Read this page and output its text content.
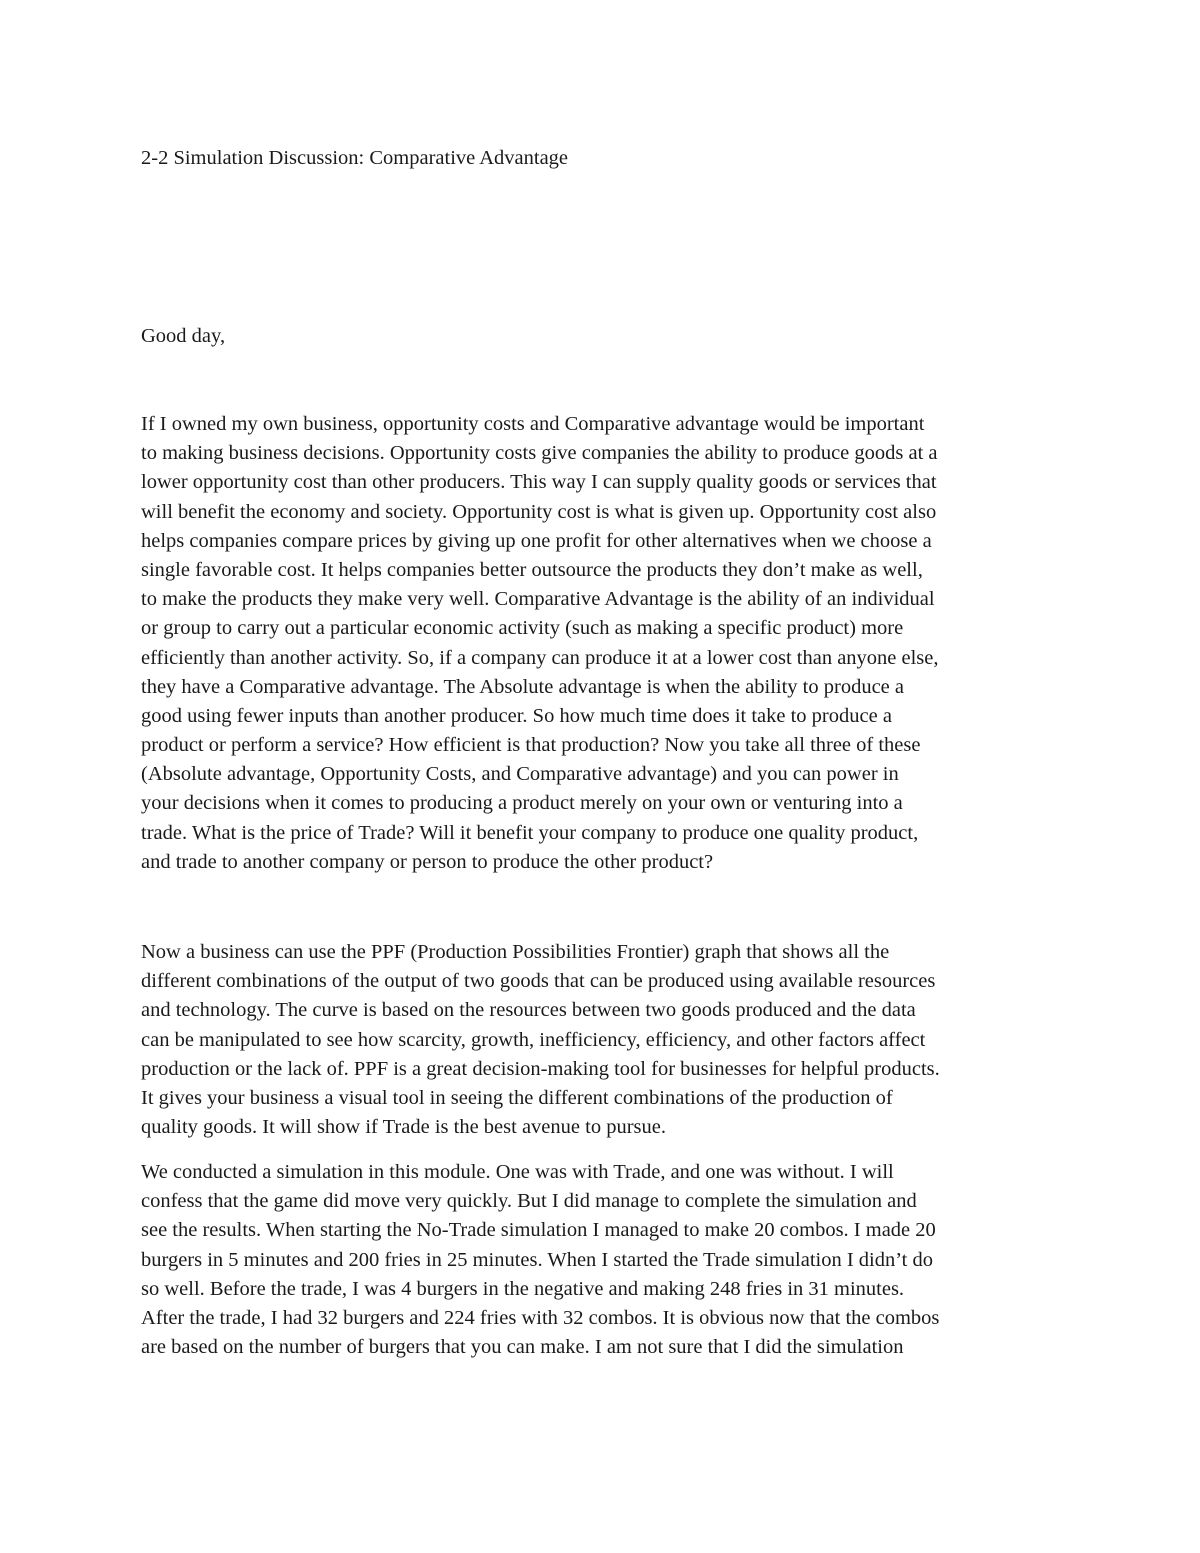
2-2 Simulation Discussion: Comparative Advantage
Good day,
If I owned my own business, opportunity costs and Comparative advantage would be important
to making business decisions. Opportunity costs give companies the ability to produce goods at a
lower opportunity cost than other producers. This way I can supply quality goods or services that
will benefit the economy and society. Opportunity cost is what is given up. Opportunity cost also
helps companies compare prices by giving up one profit for other alternatives when we choose a
single favorable cost. It helps companies better outsource the products they don’t make as well,
to make the products they make very well. Comparative Advantage is the ability of an individual
or group to carry out a particular economic activity (such as making a specific product) more
efficiently than another activity. So, if a company can produce it at a lower cost than anyone else,
they have a Comparative advantage. The Absolute advantage is when the ability to produce a
good using fewer inputs than another producer. So how much time does it take to produce a
product or perform a service? How efficient is that production? Now you take all three of these
(Absolute advantage, Opportunity Costs, and Comparative advantage) and you can power in
your decisions when it comes to producing a product merely on your own or venturing into a
trade. What is the price of Trade? Will it benefit your company to produce one quality product,
and trade to another company or person to produce the other product?
Now a business can use the PPF (Production Possibilities Frontier) graph that shows all the
different combinations of the output of two goods that can be produced using available resources
and technology. The curve is based on the resources between two goods produced and the data
can be manipulated to see how scarcity, growth, inefficiency, efficiency, and other factors affect
production or the lack of. PPF is a great decision-making tool for businesses for helpful products.
It gives your business a visual tool in seeing the different combinations of the production of
quality goods. It will show if Trade is the best avenue to pursue.
We conducted a simulation in this module. One was with Trade, and one was without. I will
confess that the game did move very quickly. But I did manage to complete the simulation and
see the results. When starting the No-Trade simulation I managed to make 20 combos. I made 20
burgers in 5 minutes and 200 fries in 25 minutes. When I started the Trade simulation I didn’t do
so well. Before the trade, I was 4 burgers in the negative and making 248 fries in 31 minutes.
After the trade, I had 32 burgers and 224 fries with 32 combos. It is obvious now that the combos
are based on the number of burgers that you can make. I am not sure that I did the simulation
